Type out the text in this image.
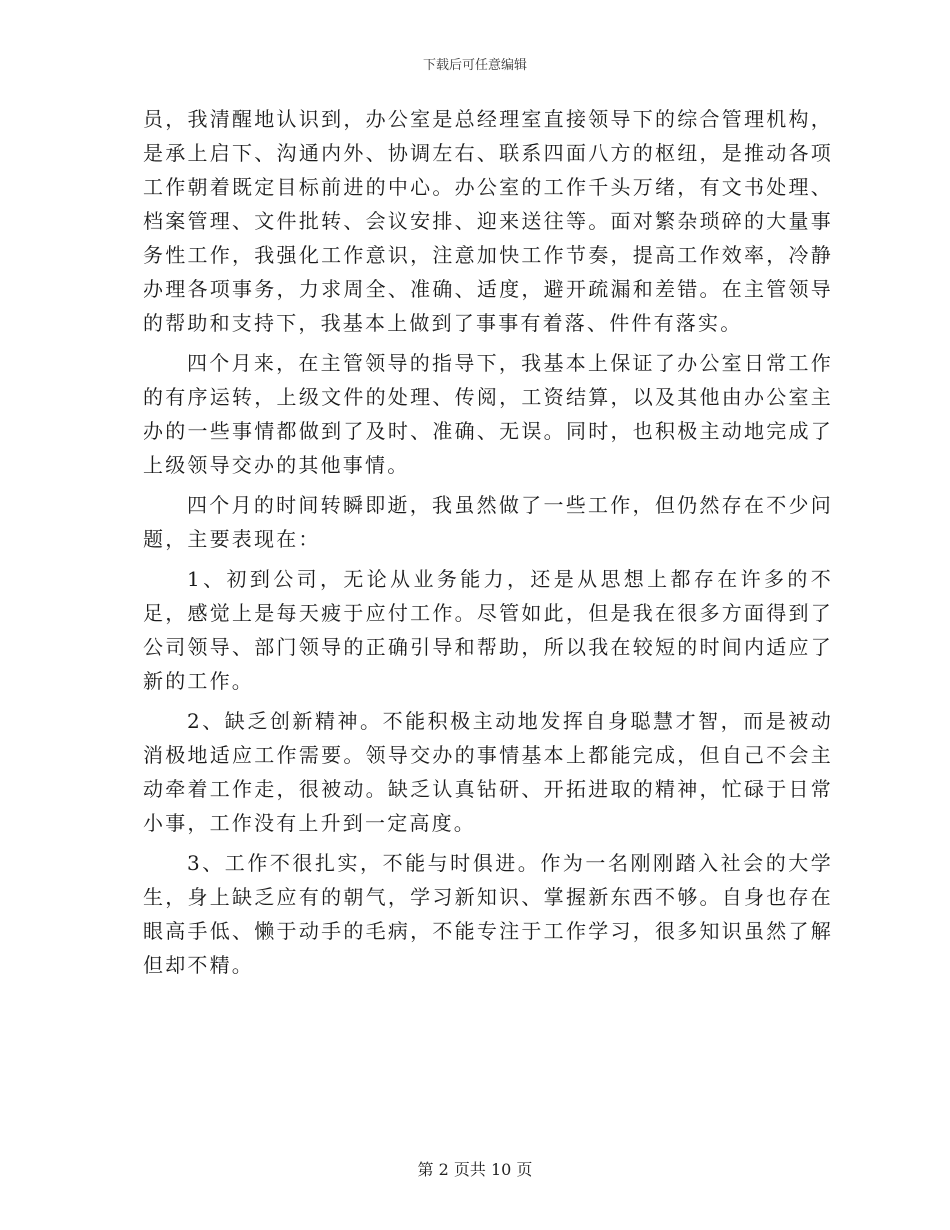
下载后可任意编辑

员，我清醒地认识到，办公室是总经理室直接领导下的综合管理机构，是承上启下、沟通内外、协调左右、联系四面八方的枢纽，是推动各项工作朝着既定目标前进的中心。办公室的工作千头万绪，有文书处理、档案管理、文件批转、会议安排、迎来送往等。面对繁杂琐碎的大量事务性工作，我强化工作意识，注意加快工作节奏，提高工作效率，冷静办理各项事务，力求周全、准确、适度，避开疏漏和差错。在主管领导的帮助和支持下，我基本上做到了事事有着落、件件有落实。

四个月来，在主管领导的指导下，我基本上保证了办公室日常工作的有序运转，上级文件的处理、传阅，工资结算，以及其他由办公室主办的一些事情都做到了及时、准确、无误。同时，也积极主动地完成了上级领导交办的其他事情。

四个月的时间转瞬即逝，我虽然做了一些工作，但仍然存在不少问题，主要表现在：

1、初到公司，无论从业务能力，还是从思想上都存在许多的不足，感觉上是每天疲于应付工作。尽管如此，但是我在很多方面得到了公司领导、部门领导的正确引导和帮助，所以我在较短的时间内适应了新的工作。

2、缺乏创新精神。不能积极主动地发挥自身聪慧才智，而是被动消极地适应工作需要。领导交办的事情基本上都能完成，但自己不会主动牵着工作走，很被动。缺乏认真钻研、开拓进取的精神，忙碌于日常小事，工作没有上升到一定高度。

3、工作不很扎实，不能与时俱进。作为一名刚刚踏入社会的大学生，身上缺乏应有的朝气，学习新知识、掌握新东西不够。自身也存在眼高手低、懒于动手的毛病，不能专注于工作学习，很多知识虽然了解但却不精。

第 2 页共 10 页
